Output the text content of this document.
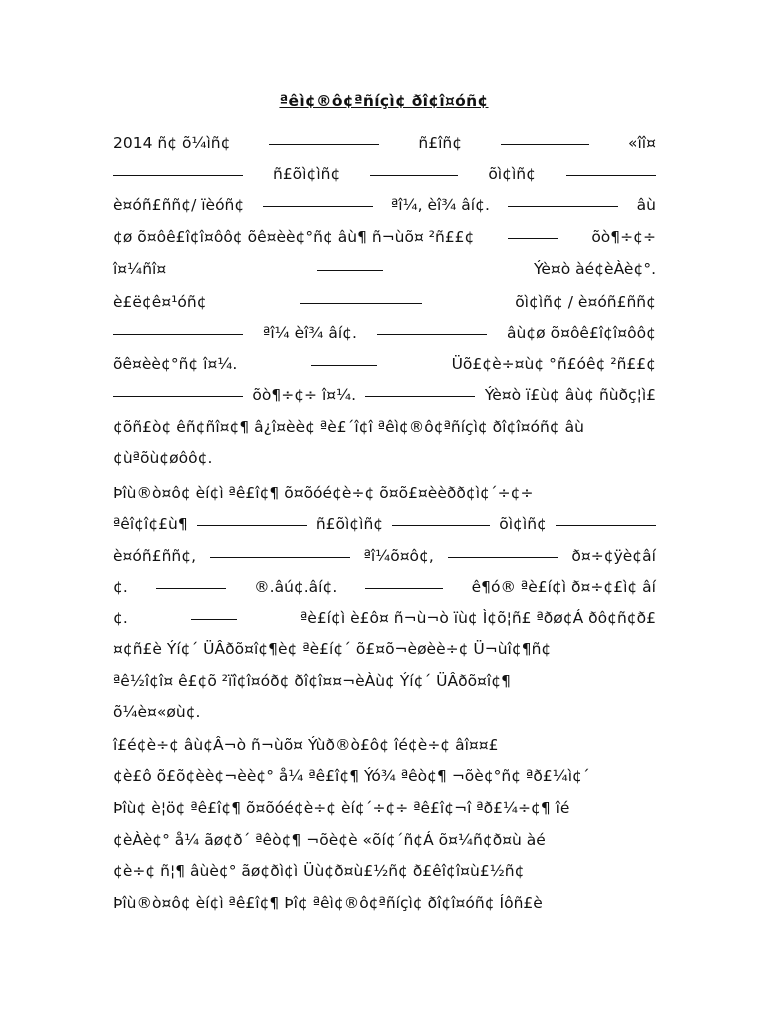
ªêì¢®ô¢ªñíçì¢ ðî¢î¤óñ¢
2014 ñ¢ õ¼ìñ¢	ñ£îñ¢	«îî¤
ñ£õì¢ìñ¢	õì¢ìñ¢
è¤óñ£ññ¢/ ïèóñ¢	ªî¼, èî¾ âí¢.	âù
¢ø õ¤ôê£î¢î¤ôô¢ õê¤èè¢°ñ¢ âù¶ ñ¬ùõ¤ ²ñ££¢	õò¶÷¢÷
î¤¼ñî¤	Ýè¤ò àé¢èÀè¢°.
è£ë¢ê¤¹óñ¢	õì¢ìñ¢ / è¤óñ£ññ¢
ªî¼ èî¾ âí¢.	âù¢ø õ¤ôê£î¢î¤ôô¢
õê¤èè¢°ñ¢ î¤¼.	Üõ£¢è÷¤ù¢ °ñ£óê¢ ²ñ££¢
õò¶÷¢÷ î¤¼.	Ýè¤ò ï£ù¢ âù¢ ñùðç¦ì£
¢õñ£ò¢ êñ¢ñî¤¢¶ â¿î¤èè¢ ªè£´î¢î ªêì¢®ô¢ªñíçì¢ ðî¢î¤óñ¢ âù
¢ùªõù¢øôô¢.
Þîù®ò¤ô¢ èí¢ì ªê£î¢¶ õ¤õóé¢è÷¢ õ¤õ£¤èèðð¢ì¢´÷¢÷
ªêî¢î¢£ù¶	ñ£õì¢ìñ¢	õì¢ìñ¢
è¤óñ£ññ¢,	ªî¼õ¤ô¢,	ð¤÷¢ÿè¢âí
¢.	®.âú¢.âí¢.	ê¶ó® ªè£í¢ì ð¤÷¢£ì¢ âí
¢.	ªè£í¢ì è£ô¤ ñ¬ù¬ò ïù¢ Ì¢õ¦ñ£ ªðø¢Á ðô¢ñ¢ð£
¤¢ñ£è Ýí¢´ ÜÂðõ¤î¢¶è¢ ªè£í¢´ õ£¤õ¬èøèè÷¢ Ü¬ùî¢¶ñ¢
ªê½î¢î¤ ê£¢õ ²ïî¢î¤óð¢ ðî¢î¤¤¬èÀù¢ Ýí¢´ ÜÂðõ¤î¢¶
õ¼è¤«øù¢.
î£é¢è÷¢ âù¢Â¬ò ñ¬ùõ¤ Ýùð®ò£ô¢ îé¢è÷¢ âî¤¤£
¢è£ô õ£õ¢èè¢¬èè¢° å¼ ªê£î¢¶ Ýó¾ ªêò¢¶ ¬õè¢°ñ¢ ªð£¼ì¢´
Þîù¢ è¦ö¢ ªê£î¢¶ õ¤õóé¢è÷¢ èí¢´÷¢÷ ªê£î¢¬î ªð£¼÷¢¶ îé
¢èÀè¢° å¼ ãø¢ð´ ªêò¢¶ ¬õè¢è «õí¢´ñ¢Á õ¤¼ñ¢ð¤ù àé
¢è÷¢ ñ¦¶ âùè¢° ãø¢ðì¢ì Üù¢ð¤ù£½ñ¢ ð£êî¢î¤ù£½ñ¢
Þîù®ò¤ô¢ èí¢ì ªê£î¢¶ Þî¢ ªêì¢®ô¢ªñíçì¢ ðî¢î¤óñ¢ Íôñ£è
